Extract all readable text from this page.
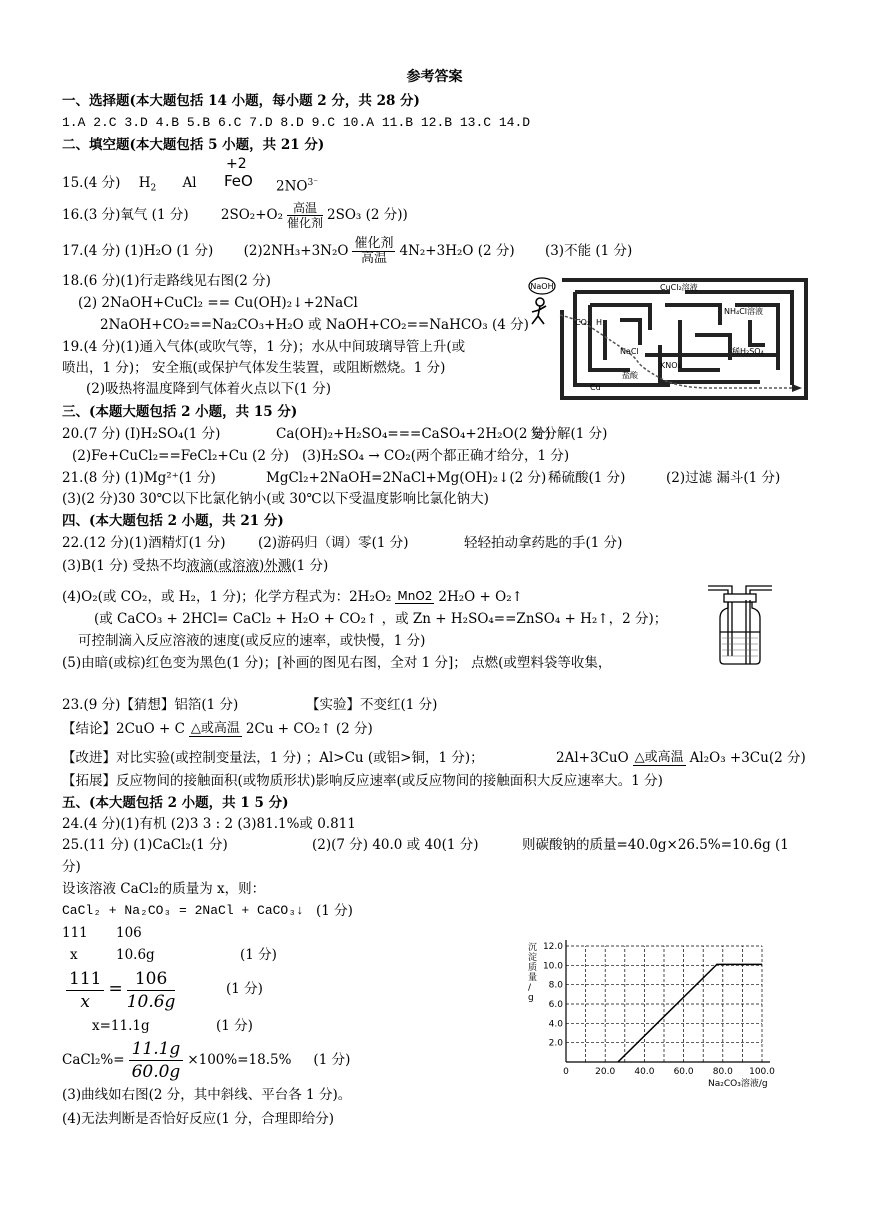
参考答案
一、选择题(本大题包括 14 小题，每小题 2 分，共 28 分)
1.A 2.C 3.D 4.B 5.B 6.C 7.D 8.D 9.C 10.A 11.B 12.B 13.C 14.D
二、填空题(本大题包括 5 小题，共 21 分)
15.(4 分) $H_2$ Al
+2
FeO $2NO^{3^-}$
16.(3 分)氧气 (1 分) 2SO₂+O₂ 高温
催化剂 2SO₃ (2 分))
17.(4 分) (1)H₂O (1 分) (2)2NH₃+3N₂O 催化剂
高温 4N₂+3H₂O (2 分) (3)不能 (1 分)
18.(6 分)(1)行走路线见右图(2 分)
(2) 2NaOH+CuCl₂ == Cu(OH)₂↓+2NaCl
2NaOH+CO₂==Na₂CO₃+H₂O 或 NaOH+CO₂==NaHCO₃ (4 分)
19.(4 分)(1)通入气体(或吹气等，1 分)；水从中间玻璃导管上升(或
喷出，1 分)； 安全瓶(或保护气体发生装置，或阻断燃烧。1 分)
(2)吸热将温度降到气体着火点以下(1 分)
NaOH	CuCl₂溶液
CO₂ H
NH₄Cl溶液
NaCl	稀H₂SO₄
KNO₃
盐酸
Cu
三、(本题大题包括 2 小题，共 15 分)
20.(7 分) (I)H₂SO₄(1 分)	Ca(OH)₂+H₂SO₄===CaSO₄+2H₂O(2 分)
复分解(1 分)
(2)Fe+CuCl₂==FeCl₂+Cu (2 分) (3)H₂SO₄ → CO₂(两个都正确才给分，1 分)
21.(8 分) (1)Mg²⁺(1 分)	MgCl₂+2NaOH=2NaCl+Mg(OH)₂↓(2 分) 稀硫酸(1 分)	(2)过滤 漏斗(1 分)
(3)(2 分)30 30℃以下比氯化钠小(或 30℃以下受温度影响比氯化钠大)
四、(本大题包括 2 小题，共 21 分)
22.(12 分)(1)酒精灯(1 分) (2)游码归（调）零(1 分)	轻轻拍动拿药匙的手(1 分)
(3)B(1 分) 受热不均液滴(或溶液)外溅(1 分)
(4)O₂(或 CO₂，或 H₂，1 分)；化学方程式为：2H₂O₂ MnO2 2H₂O + O₂↑
(或 CaCO₃ + 2HCl= CaCl₂ + H₂O + CO₂↑ ，或 Zn + H₂SO₄==ZnSO₄ + H₂↑，2 分)；
可控制滴入反应溶液的速度(或反应的速率，或快慢，1 分)
(5)由暗(或棕)红色变为黑色(1 分)；[补画的图见右图，全对 1 分]； 点燃(或塑料袋等收集，
23.(9 分)【猜想】铝箔(1 分)	【实验】不变红(1 分)
【结论】2CuO + C △或高温 2Cu + CO₂↑ (2 分)
【改进】对比实验(或控制变量法，1 分) ；Al>Cu (或铝>铜，1 分)；	2Al+3CuO △或高温 Al₂O₃ +3Cu(2 分)
【拓展】反应物间的接触面积(或物质形状)影响反应速率(或反应物间的接触面积大反应速率大。1 分)
五、(本大题包括 2 小题，共 1 5 分)
24.(4 分)(1)有机 (2)3 3 : 2 (3)81.1%或 0.811
25.(11 分) (1)CaCl₂(1 分)	(2)(7 分) 40.0 或 40(1 分)	则碳酸钠的质量=40.0g×26.5%=10.6g (1
分)
设该溶液 CaCl₂的质量为 x，则：
CaCl₂ + Na₂CO₃ = 2NaCl + CaCO₃↓ (1 分)
111 106
x	10.6g	(1 分)
$\frac{111}{x} = \frac{106}{10.6g}$	(1 分)
x=11.1g	(1 分)
CaCl₂%= $\frac{11.1g}{60.0g} \times 100\%=18.5\%$ (1 分)
(3)曲线如右图(2 分，其中斜线、平台各 1 分)。
(4)无法判断是否恰好反应(1 分，合理即给分)
0	20.0 40.0 60.0 80.0 100.0
2.0
4.0
6.0
8.0
10.0
12.0
沉淀质量/ g
Na₂CO₃溶液/g
